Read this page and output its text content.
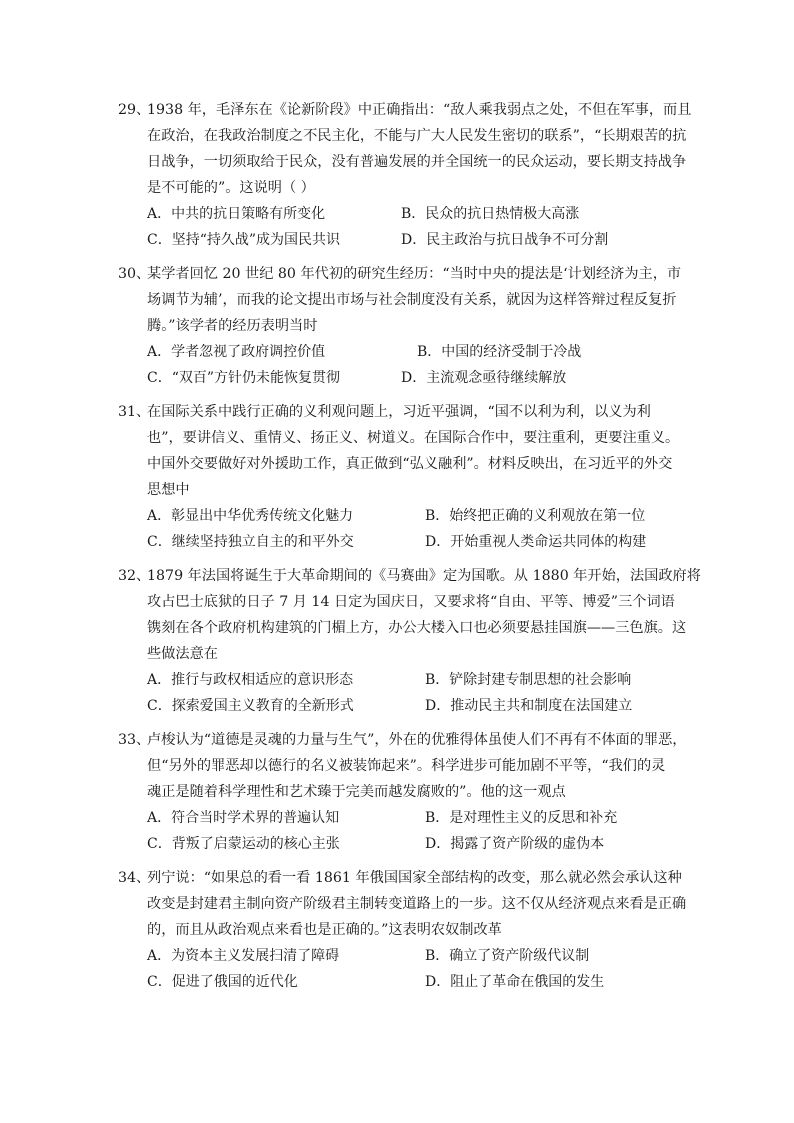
29、
1938 年，毛泽东在《论新阶段》中正确指出：“敌人乘我弱点之处，不但在军事，而且
在政治，在我政治制度之不民主化，不能与广大人民发生密切的联系”，“长期艰苦的抗
日战争，一切须取给于民众，没有普遍发展的并全国统一的民众运动，要长期支持战争
是不可能的”。这说明（ ）
A．中共的抗日策略有所变化	B．民众的抗日热情极大高涨
C．坚持“持久战”成为国民共识	D．民主政治与抗日战争不可分割
30、
某学者回忆 20 世纪 80 年代初的研究生经历：“当时中央的提法是‘计划经济为主，市
场调节为辅’，而我的论文提出市场与社会制度没有关系，就因为这样答辩过程反复折
腾。”该学者的经历表明当时
A．学者忽视了政府调控价值	B．中国的经济受制于冷战
C．“双百”方针仍未能恢复贯彻	D．主流观念亟待继续解放
31、
在国际关系中践行正确的义利观问题上，习近平强调，“国不以利为利，以义为利
也”，要讲信义、重情义、扬正义、树道义。在国际合作中，要注重利，更要注重义。
中国外交要做好对外援助工作，真正做到“弘义融利”。材料反映出，在习近平的外交
思想中
A．彰显出中华优秀传统文化魅力	B．始终把正确的义利观放在第一位
C．继续坚持独立自主的和平外交	D．开始重视人类命运共同体的构建
32、
1879 年法国将诞生于大革命期间的《马赛曲》定为国歌。从 1880 年开始，法国政府将
攻占巴士底狱的日子 7 月 14 日定为国庆日，又要求将“自由、平等、博爱”三个词语
镌刻在各个政府机构建筑的门楣上方，办公大楼入口也必须要悬挂国旗——三色旗。这
些做法意在
A．推行与政权相适应的意识形态	B．铲除封建专制思想的社会影响
C．探索爱国主义教育的全新形式	D．推动民主共和制度在法国建立
33、
卢梭认为“道德是灵魂的力量与生气”，外在的优雅得体虽使人们不再有不体面的罪恶，
但“另外的罪恶却以德行的名义被装饰起来”。科学进步可能加剧不平等，“我们的灵
魂正是随着科学理性和艺术臻于完美而越发腐败的”。他的这一观点
A．符合当时学术界的普遍认知	B．是对理性主义的反思和补充
C．背叛了启蒙运动的核心主张	D．揭露了资产阶级的虚伪本
34、
列宁说：“如果总的看一看 1861 年俄国国家全部结构的改变，那么就必然会承认这种
改变是封建君主制向资产阶级君主制转变道路上的一步。这不仅从经济观点来看是正确
的，而且从政治观点来看也是正确的。”这表明农奴制改革
A．为资本主义发展扫清了障碍	B．确立了资产阶级代议制
C．促进了俄国的近代化	D．阻止了革命在俄国的发生
